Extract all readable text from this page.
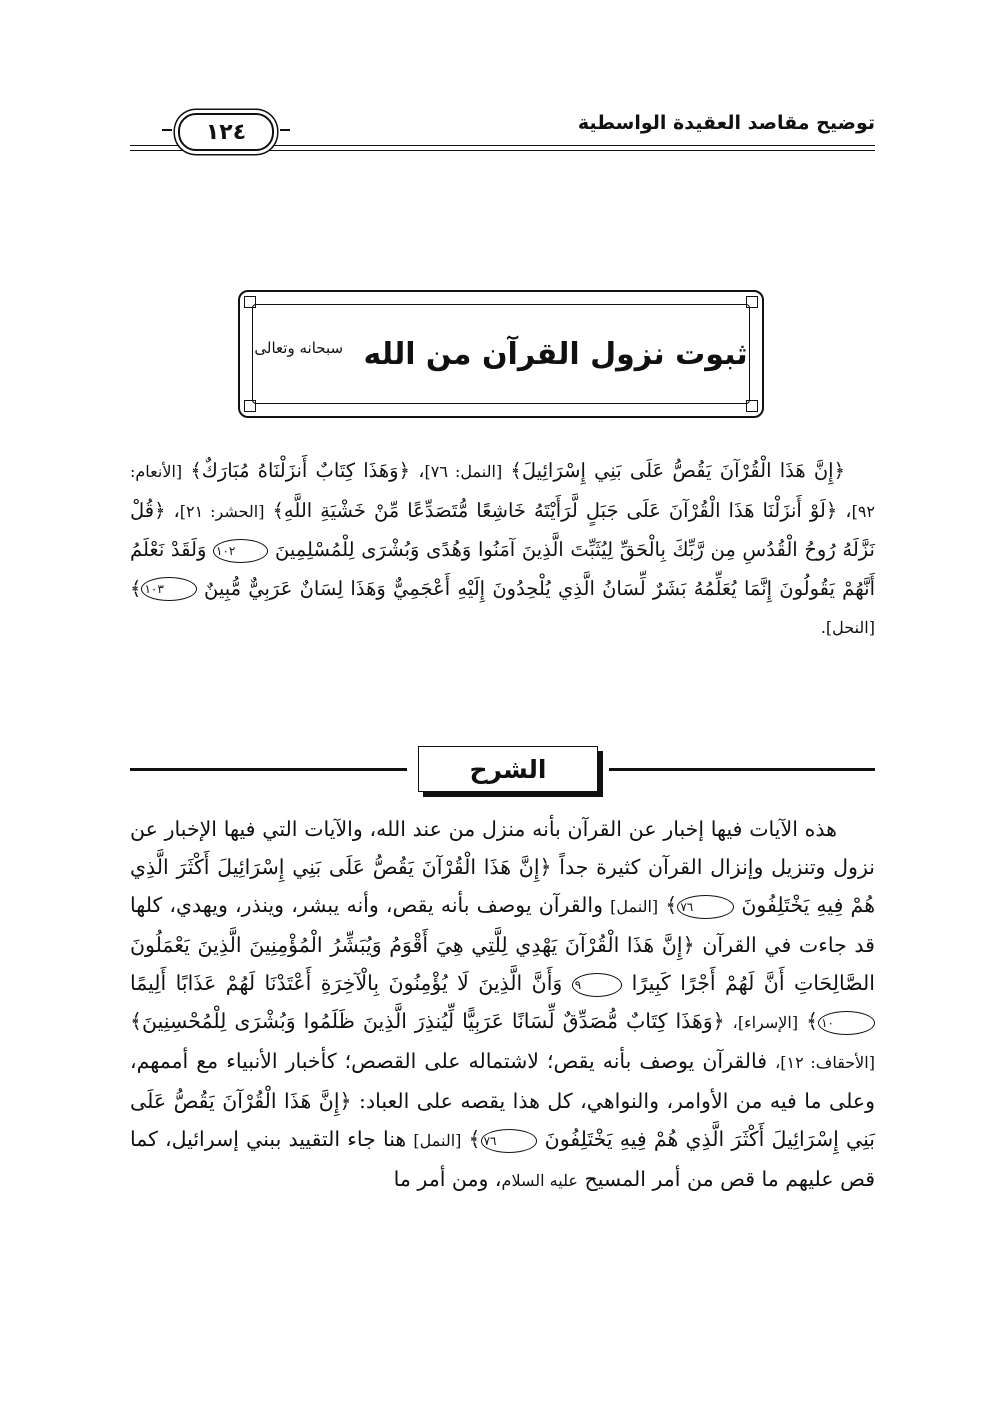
توضيح مقاصد العقيدة الواسطية
١٢٤
ثبوت نزول القرآن من الله $^{سبحانه وتعالى}$

﴿إِنَّ هَذَا الْقُرْآنَ يَقُصُّ عَلَى بَنِي إِسْرَائِيلَ﴾ [النمل: ٧٦]، ﴿وَهَذَا كِتَابٌ أَنزَلْنَاهُ مُبَارَكٌ﴾ [الأنعام: ٩٢]، ﴿لَوْ أَنزَلْنَا هَذَا الْقُرْآنَ عَلَى جَبَلٍ لَّرَأَيْتَهُ خَاشِعًا مُّتَصَدِّعًا مِّنْ خَشْيَةِ اللَّهِ﴾ [الحشر: ٢١]، ﴿قُلْ نَزَّلَهُ رُوحُ الْقُدُسِ مِن رَّبِّكَ بِالْحَقِّ لِيُثَبِّتَ الَّذِينَ آمَنُوا وَهُدًى وَبُشْرَى لِلْمُسْلِمِينَ ١٠٢ وَلَقَدْ نَعْلَمُ أَنَّهُمْ يَقُولُونَ إِنَّمَا يُعَلِّمُهُ بَشَرٌ لِّسَانُ الَّذِي يُلْحِدُونَ إِلَيْهِ أَعْجَمِيٌّ وَهَذَا لِسَانٌ عَرَبِيٌّ مُّبِينٌ ١٠٣﴾ [النحل].

الشرح

هذه الآيات فيها إخبار عن القرآن بأنه منزل من عند الله، والآيات التي فيها الإخبار عن نزول وتنزيل وإنزال القرآن كثيرة جداً ﴿إِنَّ هَذَا الْقُرْآنَ يَقُصُّ عَلَى بَنِي إِسْرَائِيلَ أَكْثَرَ الَّذِي هُمْ فِيهِ يَخْتَلِفُونَ ٧٦﴾ [النمل] والقرآن يوصف بأنه يقص، وأنه يبشر، وينذر، ويهدي، كلها قد جاءت في القرآن ﴿إِنَّ هَذَا الْقُرْآنَ يَهْدِي لِلَّتِي هِيَ أَقْوَمُ وَيُبَشِّرُ الْمُؤْمِنِينَ الَّذِينَ يَعْمَلُونَ الصَّالِحَاتِ أَنَّ لَهُمْ أَجْرًا كَبِيرًا ٩ وَأَنَّ الَّذِينَ لَا يُؤْمِنُونَ بِالْآخِرَةِ أَعْتَدْنَا لَهُمْ عَذَابًا أَلِيمًا ١٠﴾ [الإسراء]، ﴿وَهَذَا كِتَابٌ مُّصَدِّقٌ لِّسَانًا عَرَبِيًّا لِّيُنذِرَ الَّذِينَ ظَلَمُوا وَبُشْرَى لِلْمُحْسِنِينَ﴾ [الأحقاف: ١٢]، فالقرآن يوصف بأنه يقص؛ لاشتماله على القصص؛ كأخبار الأنبياء مع أممهم، وعلى ما فيه من الأوامر، والنواهي، كل هذا يقصه على العباد: ﴿إِنَّ هَذَا الْقُرْآنَ يَقُصُّ عَلَى بَنِي إِسْرَائِيلَ أَكْثَرَ الَّذِي هُمْ فِيهِ يَخْتَلِفُونَ ٧٦﴾ [النمل] هنا جاء التقييد ببني إسرائيل، كما قص عليهم ما قص من أمر المسيح عليه السلام، ومن أمر ما
